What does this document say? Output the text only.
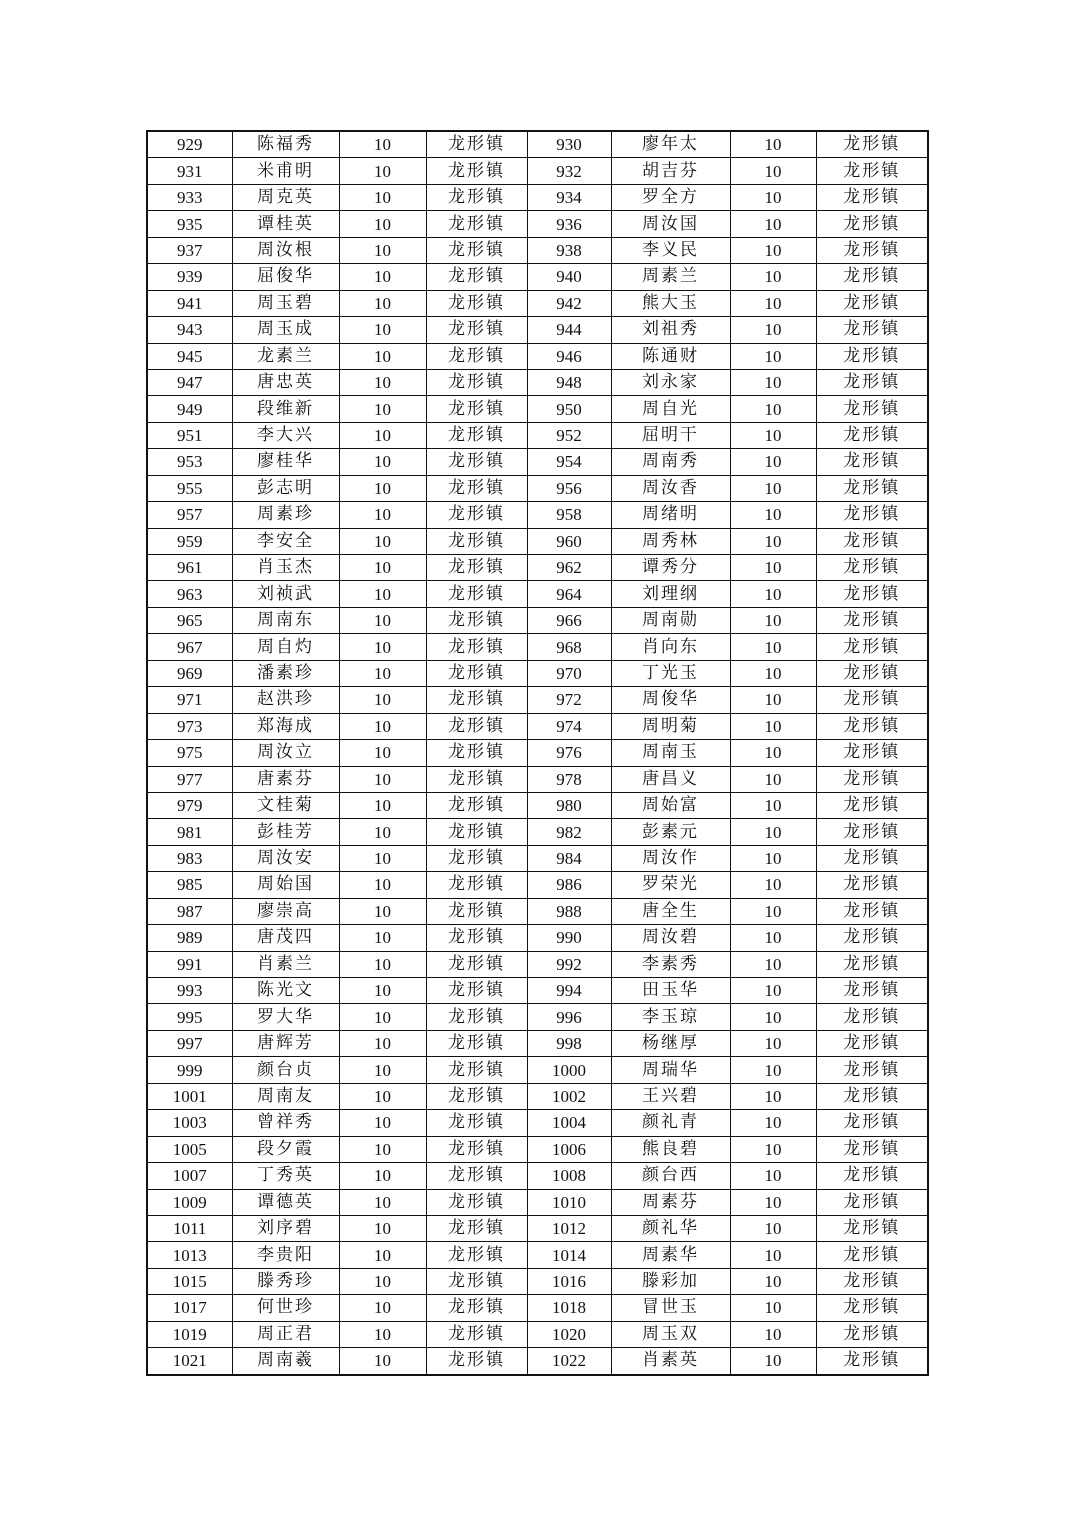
929	陈福秀	10	龙形镇	930	廖年太	10	龙形镇
931	米甫明	10	龙形镇	932	胡吉芬	10	龙形镇
933	周克英	10	龙形镇	934	罗全方	10	龙形镇
935	谭桂英	10	龙形镇	936	周汝国	10	龙形镇
937	周汝根	10	龙形镇	938	李义民	10	龙形镇
939	屈俊华	10	龙形镇	940	周素兰	10	龙形镇
941	周玉碧	10	龙形镇	942	熊大玉	10	龙形镇
943	周玉成	10	龙形镇	944	刘祖秀	10	龙形镇
945	龙素兰	10	龙形镇	946	陈通财	10	龙形镇
947	唐忠英	10	龙形镇	948	刘永家	10	龙形镇
949	段维新	10	龙形镇	950	周自光	10	龙形镇
951	李大兴	10	龙形镇	952	屈明干	10	龙形镇
953	廖桂华	10	龙形镇	954	周南秀	10	龙形镇
955	彭志明	10	龙形镇	956	周汝香	10	龙形镇
957	周素珍	10	龙形镇	958	周绪明	10	龙形镇
959	李安全	10	龙形镇	960	周秀林	10	龙形镇
961	肖玉杰	10	龙形镇	962	谭秀分	10	龙形镇
963	刘祯武	10	龙形镇	964	刘理纲	10	龙形镇
965	周南东	10	龙形镇	966	周南勋	10	龙形镇
967	周自灼	10	龙形镇	968	肖向东	10	龙形镇
969	潘素珍	10	龙形镇	970	丁光玉	10	龙形镇
971	赵洪珍	10	龙形镇	972	周俊华	10	龙形镇
973	郑海成	10	龙形镇	974	周明菊	10	龙形镇
975	周汝立	10	龙形镇	976	周南玉	10	龙形镇
977	唐素芬	10	龙形镇	978	唐昌义	10	龙形镇
979	文桂菊	10	龙形镇	980	周始富	10	龙形镇
981	彭桂芳	10	龙形镇	982	彭素元	10	龙形镇
983	周汝安	10	龙形镇	984	周汝作	10	龙形镇
985	周始国	10	龙形镇	986	罗荣光	10	龙形镇
987	廖崇高	10	龙形镇	988	唐全生	10	龙形镇
989	唐茂四	10	龙形镇	990	周汝碧	10	龙形镇
991	肖素兰	10	龙形镇	992	李素秀	10	龙形镇
993	陈光文	10	龙形镇	994	田玉华	10	龙形镇
995	罗大华	10	龙形镇	996	李玉琼	10	龙形镇
997	唐辉芳	10	龙形镇	998	杨继厚	10	龙形镇
999	颜台贞	10	龙形镇	1000	周瑞华	10	龙形镇
1001	周南友	10	龙形镇	1002	王兴碧	10	龙形镇
1003	曾祥秀	10	龙形镇	1004	颜礼青	10	龙形镇
1005	段夕霞	10	龙形镇	1006	熊良碧	10	龙形镇
1007	丁秀英	10	龙形镇	1008	颜台西	10	龙形镇
1009	谭德英	10	龙形镇	1010	周素芬	10	龙形镇
1011	刘序碧	10	龙形镇	1012	颜礼华	10	龙形镇
1013	李贵阳	10	龙形镇	1014	周素华	10	龙形镇
1015	滕秀珍	10	龙形镇	1016	滕彩加	10	龙形镇
1017	何世珍	10	龙形镇	1018	冒世玉	10	龙形镇
1019	周正君	10	龙形镇	1020	周玉双	10	龙形镇
1021	周南羲	10	龙形镇	1022	肖素英	10	龙形镇
